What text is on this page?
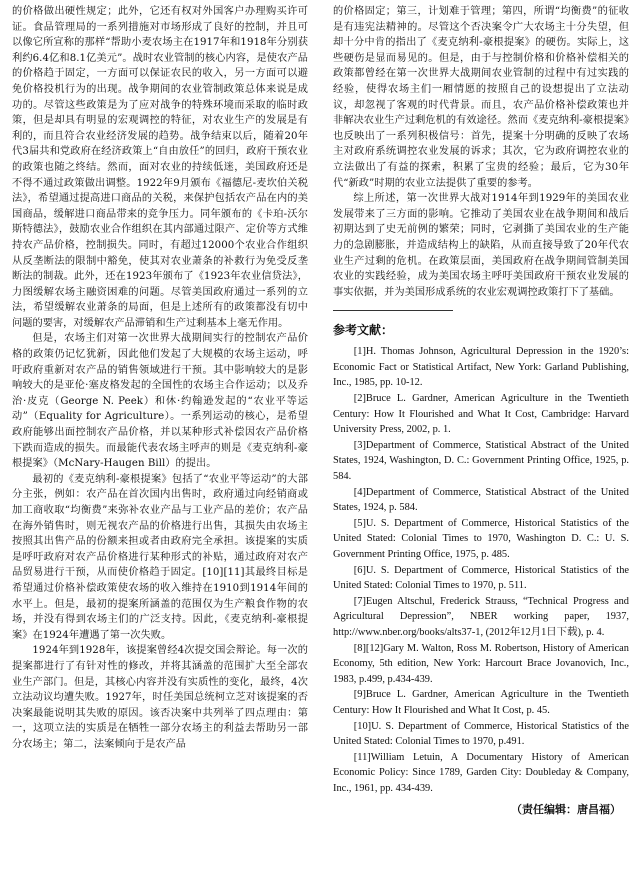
的价格做出硬性规定；此外，它还有权对外国客户办理购买许可证。食品管理局的一系列措施对市场形成了良好的控制，并且可以像它所宣称的那样“帮助小麦农场主在1917年和1918年分别获利约6.4亿和8.1亿美元”。战时农业管制的核心内容，是使农产品的价格趋于固定，一方面可以保证农民的收入，另一方面可以避免价格投机行为的出现。战争期间的农业管制政策总体来说是成功的。尽管这些政策是为了应对战争的特殊环境而采取的临时政策，但是却具有明显的宏观调控的特征，对农业生产的发展是有利的，而且符合农业经济发展的趋势。战争结束以后，随着20年代3届共和党政府在经济政策上“自由放任”的回归，政府干预农业的政策也随之终结。然而，面对农业的持续低迷，美国政府还是不得不通过政策做出调整。1922年9月颁布《福德尼-麦坎伯关税法》，希望通过提高进口商品的关税，来保护包括农产品在内的美国商品，缓解进口商品带来的竞争压力。同年颁布的《卡珀-沃尔斯特德法》，鼓励农业合作组织在其内部通过限产、定价等方式维持农产品价格，控制损失。同时，有超过12000个农业合作组织从反垄断法的限制中豁免，使其对农业萧条的补救行为免受反垄断法的制裁。此外，还在1923年颁布了《1923年农业信贷法》，力图缓解农场主融资困难的问题。尽管美国政府通过一系列的立法，希望缓解农业萧条的局面，但是上述所有的政策都没有切中问题的要害，对缓解农产品滞销和生产过剩基本上毫无作用。

但是，农场主们对第一次世界大战期间实行的控制农产品价格的政策仍记忆犹新，因此他们发起了大规模的农场主运动，呼吁政府重新对农产品的销售领域进行干预。其中影响较大的是影响较大的是亚伦·塞皮格发起的全国性的农场主合作运动；以及乔治·皮克（George N. Peek）和休·约翰逊发起的“农业平等运动”（Equality for Agriculture）。一系列运动的核心，是希望政府能够出面控制农产品价格，并以某种形式补偿因农产品价格下跌而造成的损失。而最能代表农场主呼声的则是《麦克纳利-豪根提案》（McNary-Haugen Bill）的提出。

最初的《麦克纳利-豪根提案》包括了“农业平等运动”的大部分主张，例如：农产品在首次国内出售时，政府通过向经销商或加工商收取“均衡费”来弥补农业产品与工业产品的差价；农产品在海外销售时，则无视农产品的价格进行出售，其损失由农场主按照其出售产品的份额来担或者由政府完全承担。该提案的实质是呼吁政府对农产品价格进行某种形式的补贴，通过政府对农产品贸易进行干预，从而使价格趋于固定。[10][11]其最终目标是希望通过价格补偿政策使农场的收入维持在1910到1914年间的水平上。但是，最初的提案所涵盖的范围仅为生产粮食作物的农场，并没有得到农场主们的广泛支持。因此，《麦克纳利-豪根提案》在1924年遭遇了第一次失败。

1924年到1928年，该提案曾经4次提交国会辩论。每一次的提案都进行了有针对性的修改，并将其涵盖的范围扩大至全部农业生产部门。但是，其核心内容并没有实质性的变化，最终，4次立法动议均遭失败。1927年，时任美国总统柯立芝对该提案的否决案最能说明其失败的原因。该否决案中共列举了四点理由：第一，这项立法的实质是在牺牲一部分农场主的利益去帮助另一部分农场主；第二，法案倾向于是农产品

的价格固定；第三，计划难于管理；第四，所谓“均衡费”的征收是有违宪法精神的。尽管这个否决案令广大农场主十分失望，但却十分中肯的指出了《麦克纳利-豪根提案》的硬伤。实际上，这些硬伤是显而易见的。但是，由于与控制价格和价格补偿相关的政策都曾经在第一次世界大战期间农业管制的过程中有过实践的经验，使得农场主们一厢情愿的按照自己的设想提出了立法动议，却忽视了客观的时代背景。而且，农产品价格补偿政策也并非解决农业生产过剩危机的有效途径。然而《麦克纳利-豪根提案》也反映出了一系列积极信号：首先，提案十分明确的反映了农场主对政府系统调控农业发展的诉求；其次，它为政府调控农业的立法做出了有益的探索，积累了宝贵的经验；最后，它为30年代“新政”时期的农业立法提供了重要的参考。

综上所述，第一次世界大战对1914年到1929年的美国农业发展带来了三方面的影响。它推动了美国农业在战争期间和战后初期达到了史无前例的繁荣；同时，它剥撕了美国农业的生产能力的急剧膨胀，并造成结构上的缺陷，从而直接导致了20年代农业生产过剩的危机。在政策层面，美国政府在战争期间管制美国农业的实践经验，成为美国农场主呼吁美国政府干预农业发展的事实依据，并为美国形成系统的农业宏观调控政策打下了基础。

参考文献：

[1]H. Thomas Johnson, Agricultural Depression in the 1920’s: Economic Fact or Statistical Artifact, New York: Garland Publishing, Inc., 1985, pp. 10-12.

[2]Bruce L. Gardner, American Agriculture in the Twentieth Century: How It Flourished and What It Cost, Cambridge: Harvard University Press, 2002, p. 1.

[3]Department of Commerce, Statistical Abstract of the United States, 1924, Washington, D. C.: Government Printing Office, 1925, p. 584.

[4]Department of Commerce, Statistical Abstract of the United States, 1924, p. 584.

[5]U. S. Department of Commerce, Historical Statistics of the United Stated: Colonial Times to 1970, Washington D. C.: U. S. Government Printing Office, 1975, p. 485.

[6]U. S. Department of Commerce, Historical Statistics of the United Stated: Colonial Times to 1970, p. 511.

[7]Eugen Altschul, Frederick Strauss, “Technical Progress and Agricultural Depression”, NBER working paper, 1937, http://www.nber.org/books/alts37-1, (2012年12月1日下载), p. 4.

[8][12]Gary M. Walton, Ross M. Robertson, History of American Economy, 5th edition, New York: Harcourt Brace Jovanovich, Inc., 1983, p.499, p.434-439.

[9]Bruce L. Gardner, American Agriculture in the Twentieth Century: How It Flourished and What It Cost, p. 45.

[10]U. S. Department of Commerce, Historical Statistics of the United Stated: Colonial Times to 1970, p.491.

[11]William Letuin, A Documentary History of American Economic Policy: Since 1789, Garden City: Doubleday & Company, Inc., 1961, pp. 434-439.

（责任编辑：唐昌福）
